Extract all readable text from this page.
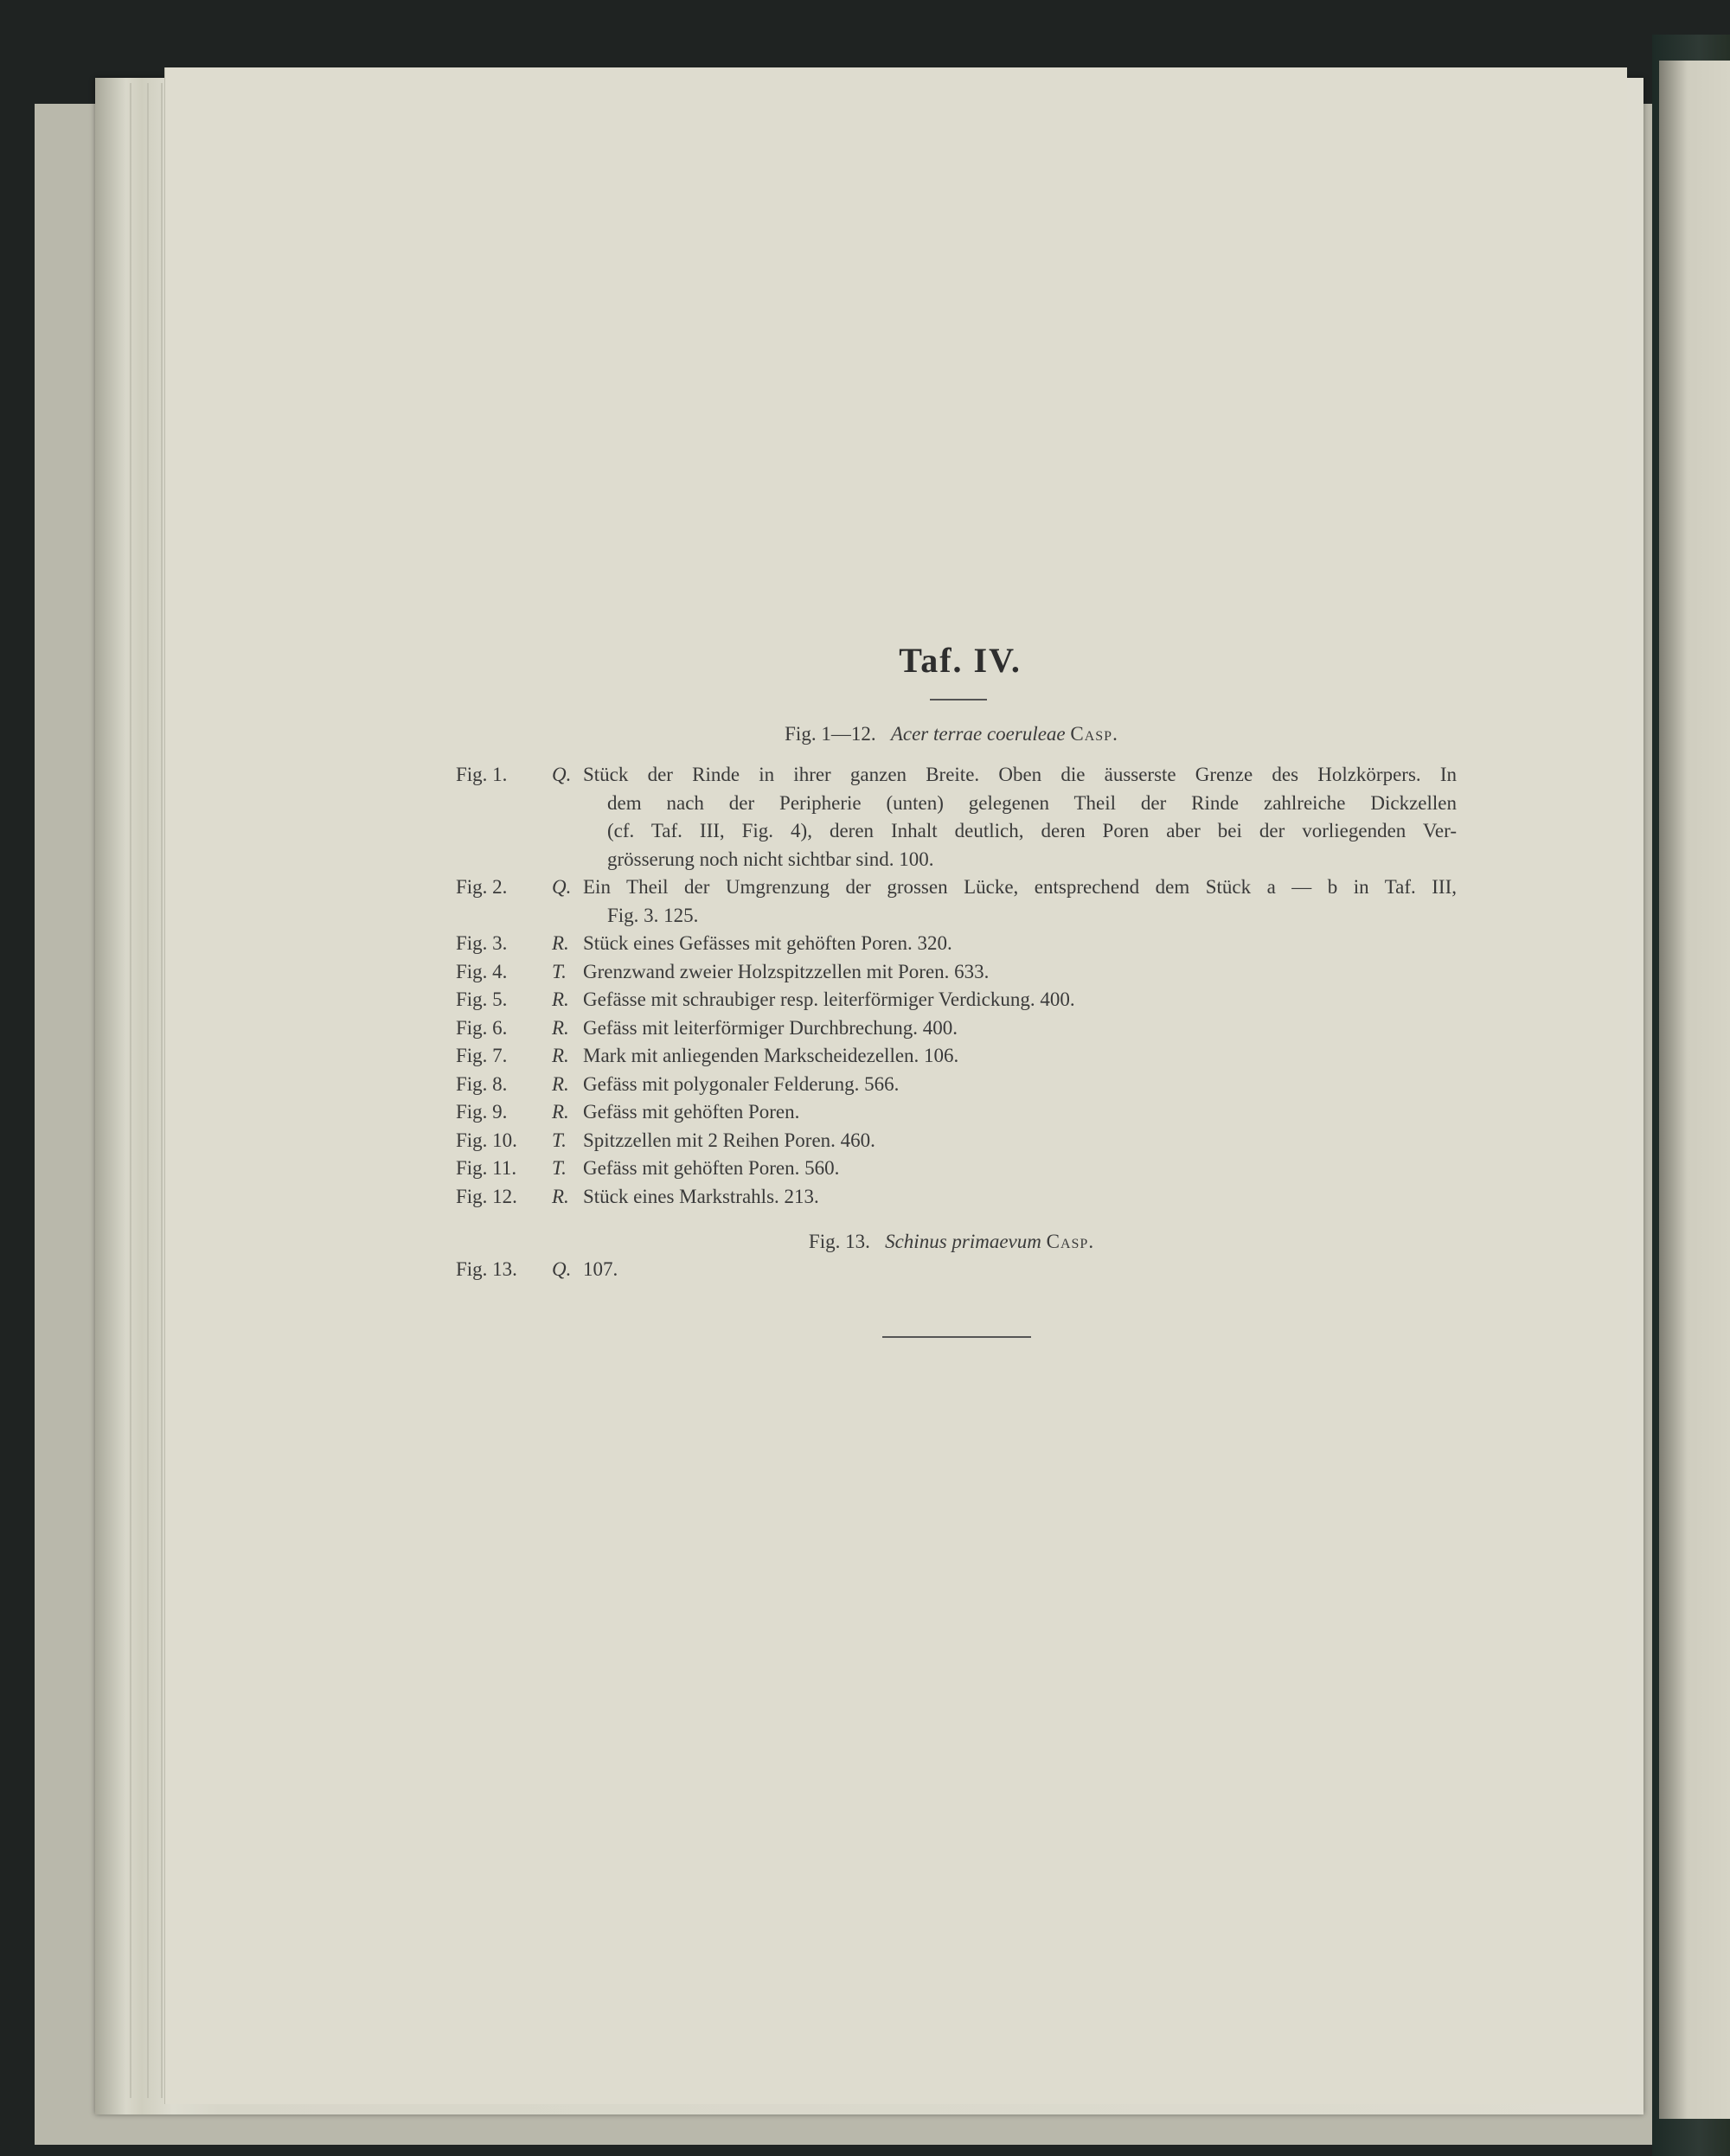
Taf. IV.
Fig. 1—12. Acer terrae coeruleae Casp.
Fig. 1.	Q. Stück der Rinde in ihrer ganzen Breite. Oben die äusserste Grenze des Holzkörpers. In
dem nach der Peripherie (unten) gelegenen Theil der Rinde zahlreiche Dickzellen
(cf. Taf. III, Fig. 4), deren Inhalt deutlich, deren Poren aber bei der vorliegenden Ver-
grösserung noch nicht sichtbar sind. 100.
Fig. 2.	Q. Ein Theil der Umgrenzung der grossen Lücke, entsprechend dem Stück a — b in Taf. III,
Fig. 3. 125.
Fig. 3.	R. Stück eines Gefässes mit gehöften Poren. 320.
Fig. 4.	T. Grenzwand zweier Holzspitzzellen mit Poren. 633.
Fig. 5.	R. Gefässe mit schraubiger resp. leiterförmiger Verdickung. 400.
Fig. 6.	R. Gefäss mit leiterförmiger Durchbrechung. 400.
Fig. 7.	R. Mark mit anliegenden Markscheidezellen. 106.
Fig. 8.	R. Gefäss mit polygonaler Felderung. 566.
Fig. 9.	R. Gefäss mit gehöften Poren.
Fig. 10.	T. Spitzzellen mit 2 Reihen Poren. 460.
Fig. 11.	T. Gefäss mit gehöften Poren. 560.
Fig. 12.	R. Stück eines Markstrahls. 213.
Fig. 13.	Q. 107.
Fig. 13. Schinus primaevum Casp.
